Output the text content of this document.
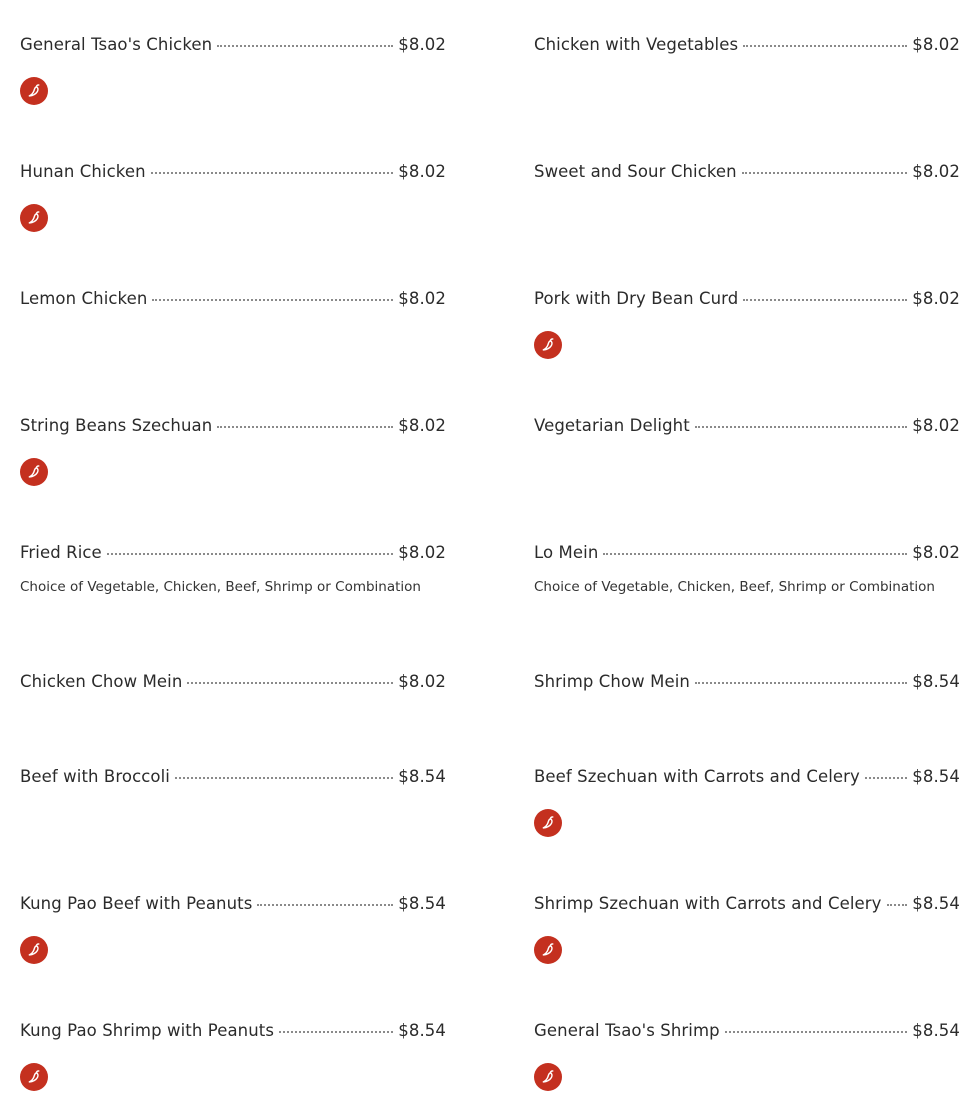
General Tsao's Chicken	$8.02
Hunan Chicken	$8.02
Lemon Chicken	$8.02
String Beans Szechuan	$8.02
Fried Rice	$8.02
Choice of Vegetable, Chicken, Beef, Shrimp or Combination
Chicken Chow Mein	$8.02
Beef with Broccoli	$8.54
Kung Pao Beef with Peanuts	$8.54
Kung Pao Shrimp with Peanuts	$8.54
Chicken with Vegetables	$8.02
Sweet and Sour Chicken	$8.02
Pork with Dry Bean Curd	$8.02
Vegetarian Delight	$8.02
Lo Mein	$8.02
Choice of Vegetable, Chicken, Beef, Shrimp or Combination
Shrimp Chow Mein	$8.54
Beef Szechuan with Carrots and Celery	$8.54
Shrimp Szechuan with Carrots and Celery $8.54
General Tsao's Shrimp	$8.54
